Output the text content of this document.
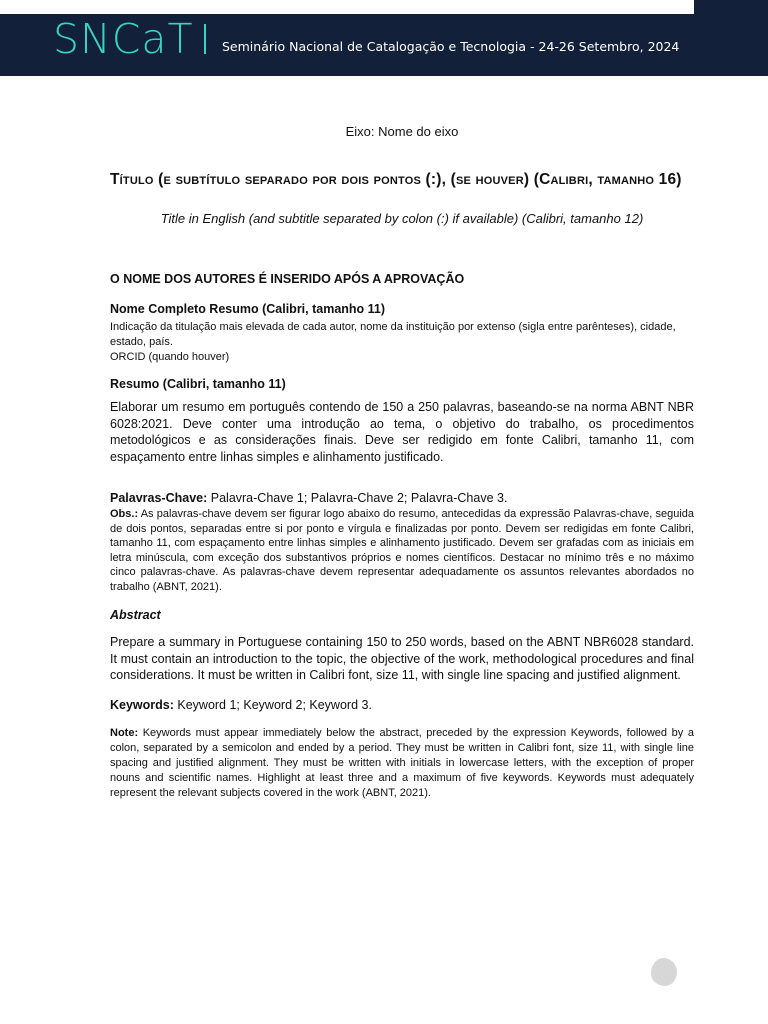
SNCaT Seminário Nacional de Catalogação e Tecnologia - 24-26 Setembro, 2024

Eixo: Nome do eixo

Título (e subtítulo separado por dois pontos (:), (se houver) (Calibri, tamanho 16)

Title in English (and subtitle separated by colon (:) if available) (Calibri, tamanho 12)

O NOME DOS AUTORES É INSERIDO APÓS A APROVAÇÃO

Nome Completo Resumo (Calibri, tamanho 11)

Indicação da titulação mais elevada de cada autor, nome da instituição por extenso (sigla entre parênteses), cidade, estado, país.

ORCID (quando houver)

Resumo (Calibri, tamanho 11)

Elaborar um resumo em português contendo de 150 a 250 palavras, baseando-se na norma ABNT NBR 6028:2021. Deve conter uma introdução ao tema, o objetivo do trabalho, os procedimentos metodológicos e as considerações finais. Deve ser redigido em fonte Calibri, tamanho 11, com espaçamento entre linhas simples e alinhamento justificado.

Palavras-Chave: Palavra-Chave 1; Palavra-Chave 2; Palavra-Chave 3.

Obs.: As palavras-chave devem ser figurar logo abaixo do resumo, antecedidas da expressão Palavras-chave, seguida de dois pontos, separadas entre si por ponto e vírgula e finalizadas por ponto. Devem ser redigidas em fonte Calibri, tamanho 11, com espaçamento entre linhas simples e alinhamento justificado. Devem ser grafadas com as iniciais em letra minúscula, com exceção dos substantivos próprios e nomes científicos. Destacar no mínimo três e no máximo cinco palavras-chave. As palavras-chave devem representar adequadamente os assuntos relevantes abordados no trabalho (ABNT, 2021).

Abstract

Prepare a summary in Portuguese containing 150 to 250 words, based on the ABNT NBR6028 standard. It must contain an introduction to the topic, the objective of the work, methodological procedures and final considerations. It must be written in Calibri font, size 11, with single line spacing and justified alignment.

Keywords: Keyword 1; Keyword 2; Keyword 3.

Note: Keywords must appear immediately below the abstract, preceded by the expression Keywords, followed by a colon, separated by a semicolon and ended by a period. They must be written in Calibri font, size 11, with single line spacing and justified alignment. They must be written with initials in lowercase letters, with the exception of proper nouns and scientific names. Highlight at least three and a maximum of five keywords. Keywords must adequately represent the relevant subjects covered in the work (ABNT, 2021).
